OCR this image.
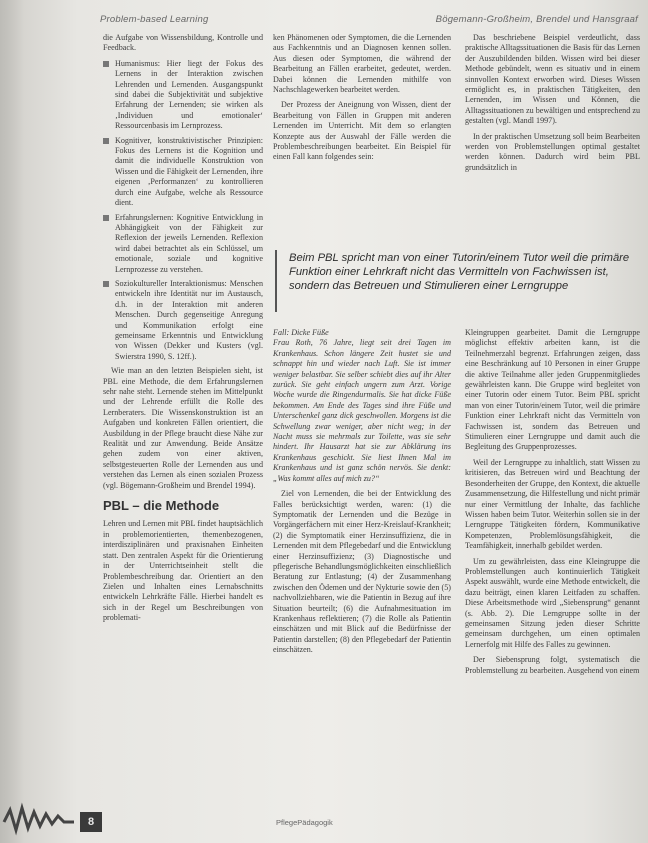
Problem-based Learning	Bögemann-Großheim, Brendel und Hansgraaf

die Aufgabe von Wissensbildung, Kontrolle und Feedback.

Humanismus: Hier liegt der Fokus des Lernens in der Interaktion zwischen Lehrenden und Lernenden. Ausgangspunkt sind dabei die Subjektivität und subjektive Erfahrung der Lernenden; sie wirken als ‚Individuen und emotionaler‘ Ressourcenbasis im Lernprozess.
Kognitiver, konstruktivistischer Prinzipien: Fokus des Lernens ist die Kognition und damit die individuelle Konstruktion von Wissen und die Fähigkeit der Lernenden, ihre eigenen ‚Performanzen‘ zu kontrollieren durch eine Aufgabe, welche als Ressource dient.
Erfahrungslernen: Kognitive Entwicklung in Abhängigkeit von der Fähigkeit zur Reflexion der jeweils Lernenden. Reflexion wird dabei betrachtet als ein Schlüssel, um emotionale, soziale und kognitive Lernprozesse zu verstehen.
Soziokultureller Interaktionismus: Menschen entwickeln ihre Identität nur im Austausch, d.h. in der Interaktion mit anderen Menschen. Durch gegenseitige Anregung und Kommunikation erfolgt eine gemeinsame Erkenntnis und Entwicklung von Wissen (Dekker und Kusters (vgl. Swierstra 1990, S. 12ff.).

Wie man an den letzten Beispielen sieht, ist PBL eine Methode, die dem Erfahrungslernen sehr nahe steht. Lernende stehen im Mittelpunkt und der Lehrende erfüllt die Rolle des Lernberaters. Die Wissenskonstruktion ist an Aufgaben und konkreten Fällen orientiert, die Ausbildung in der Pflege braucht diese Nähe zur Realität und zur Anwendung. Beide Ansätze gehen zudem von einer aktiven, selbstgesteuerten Rolle der Lernenden aus und verstehen das Lernen als einen sozialen Prozess (vgl. Bögemann-Großheim und Brendel 1994).

PBL – die Methode

Lehren und Lernen mit PBL findet hauptsächlich in problemorientierten, themenbezogenen, interdisziplinären und praxisnahen Einheiten statt. Den zentralen Aspekt für die Orientierung in der Unterrichtseinheit stellt die Problembeschreibung dar. Orientiert an den Zielen und Inhalten eines Lernabschnitts entwickeln Lehrkräfte Fälle. Hierbei handelt es sich in der Regel um Beschreibungen von problemati-

ken Phänomenen oder Symptomen, die die Lernenden aus Fachkenntnis und an Diagnosen kennen sollen. Aus diesen oder Symptomen, die während der Bearbeitung an Fällen erarbeitet, gedeutet, werden. Dabei können die Lernenden mithilfe von Nachschlagewerken bearbeitet werden.

Der Prozess der Aneignung von Wissen, dient der Bearbeitung von Fällen in Gruppen mit anderen Lernenden im Unterricht. Mit dem so erlangten Konzepte aus der Auswahl der Fälle werden die Problembeschreibungen bearbeitet. Ein Beispiel für einen Fall kann folgendes sein:

Das beschriebene Beispiel verdeutlicht, dass praktische Alltagssituationen die Basis für das Lernen der Auszubildenden bilden. Wissen wird bei dieser Methode gebündelt, wenn es situativ und in einem sinnvollen Kontext erworben wird. Dieses Wissen ermöglicht es, in praktischen Tätigkeiten, den Lernenden, im Wissen und Können, die Alltagssituationen zu bewältigen und entsprechend zu gestalten (vgl. Mandl 1997).

In der praktischen Umsetzung soll beim Bearbeiten werden von Problemstellungen optimal gestaltet werden können. Dadurch wird beim PBL grundsätzlich in

Beim PBL spricht man von einer Tutorin/einem Tutor weil die primäre Funktion einer Lehrkraft nicht das Vermitteln von Fachwissen ist, sondern das Betreuen und Stimulieren einer Lerngruppe

Fall: Dicke Füße
Frau Roth, 76 Jahre, liegt seit drei Tagen im Krankenhaus. Schon längere Zeit hustet sie und schnappt hin und wieder nach Luft. Sie ist immer weniger belastbar. Sie selber schiebt dies auf ihr Alter zurück. Sie geht einfach ungern zum Arzt. Vorige Woche wurde die Ringendurmalis. Sie hat dicke Füße bekommen. Am Ende des Tages sind ihre Füße und Unterschenkel ganz dick geschwollen. Morgens ist die Schwellung zwar weniger, aber nicht weg; in der Nacht muss sie mehrmals zur Toilette, was sie sehr hindert. Ihr Hausarzt hat sie zur Abklärung ins Krankenhaus geschickt. Sie liest Ihnen Mal im Krankenhaus und ist ganz schön nervös. Sie denkt: „Was kommt alles auf mich zu?“

Ziel von Lernenden, die bei der Entwicklung des Falles berücksichtigt werden, waren: (1) die Symptomatik der Lernenden und die Bezüge in Vorgängerfächern mit einer Herz-Kreislauf-Krankheit; (2) die Symptomatik einer Herzinsuffizienz, die in Lernenden mit dem Pflegebedarf und die Entwicklung einer Herzinsuffizienz; (3) Diagnostische und pflegerische Behandlungsmöglichkeiten einschließlich Beratung zur Entlastung; (4) der Zusammenhang zwischen den Ödemen und der Nykturie sowie den (5) nachvollziehbaren, wie die Patientin in Bezug auf ihre Situation beurteilt; (6) die Aufnahmesituation im Krankenhaus reflektieren; (7) die Rolle als Patientin einschätzen und mit Blick auf die Bedürfnisse der Patientin darstellen; (8) den Pflegebedarf der Patientin einschätzen.

Kleingruppen gearbeitet. Damit die Lerngruppe möglichst effektiv arbeiten kann, ist die Teilnehmerzahl begrenzt. Erfahrungen zeigen, dass eine Beschränkung auf 10 Personen in einer Gruppe die aktive Teilnahme aller jeden Gruppenmitgliedes gewährleisten kann. Die Gruppe wird begleitet von einer Tutorin oder einem Tutor. Beim PBL spricht man von einer Tutorin/einem Tutor, weil die primäre Funktion einer Lehrkraft nicht das Vermitteln von Fachwissen ist, sondern das Betreuen und Stimulieren einer Lerngruppe und damit auch die Begleitung des Gruppenprozesses.

Weil der Lerngruppe zu inhaltlich, statt Wissen zu kritisieren, das Betreuen wird und Beachtung der Besonderheiten der Gruppe, den Kontext, die aktuelle Zusammensetzung, die Hilfestellung und nicht primär nur einer Vermittlung der Inhalte, das fachliche Wissen haben beim Tutor. Weiterhin sollen sie in der Lerngruppe Tätigkeiten fördern, Kommunikative Kompetenzen, Problemlösungsfähigkeit, die Teamfähigkeit, innerhalb gebildet werden.

Um zu gewährleisten, dass eine Kleingruppe die Problemstellungen auch kontinuierlich Tätigkeit Aspekt auswählt, wurde eine Methode entwickelt, die dazu beiträgt, einen klaren Leitfaden zu schaffen. Diese Arbeitsmethode wird „Siebensprung“ genannt (s. Abb. 2). Die Lerngruppe sollte in der gemeinsamen Sitzung jeden dieser Schritte gemeinsam durchgehen, um einen optimalen Lernerfolg mit Hilfe des Falles zu gewinnen.

Der Siebensprung folgt, systematisch die Problemstellung zu bearbeiten. Ausgehend von einem

8	PflegePädagogik
